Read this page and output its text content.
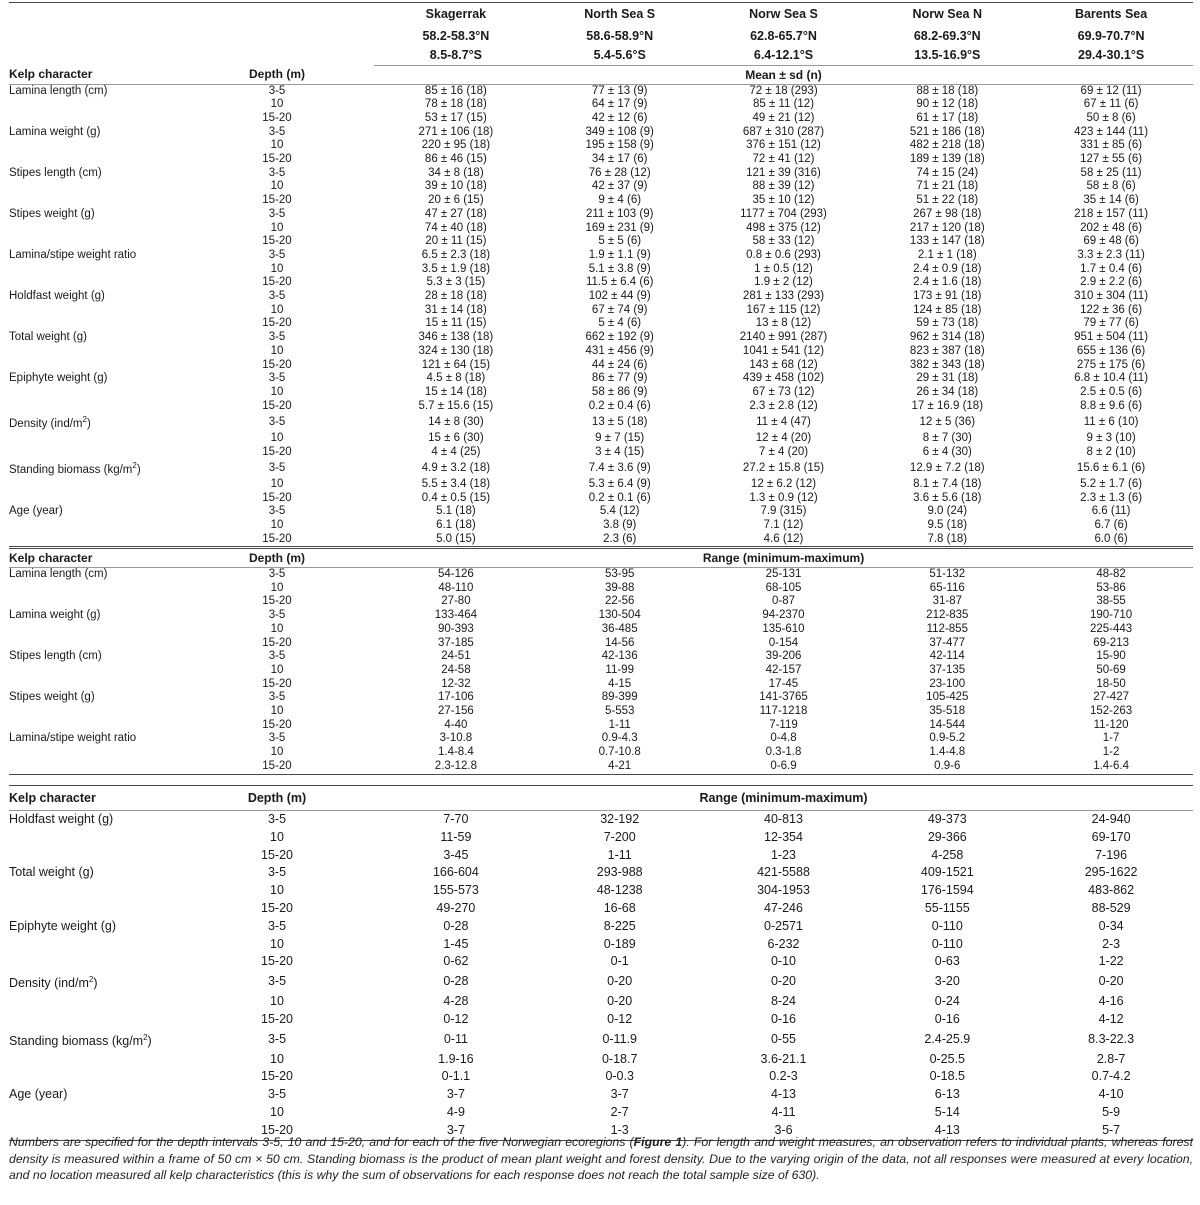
		Skagerrak	North Sea S	Norw Sea S	Norw Sea N	Barents Sea
		58.2-58.3°N	58.6-58.9°N	62.8-65.7°N	68.2-69.3°N	69.9-70.7°N
		8.5-8.7°S	5.4-5.6°S	6.4-12.1°S	13.5-16.9°S	29.4-30.1°S
Kelp character	Depth (m)	Mean ± sd (n)				
Lamina length (cm)	3-5	85 ± 16 (18)	77 ± 13 (9)	72 ± 18 (293)	88 ± 18 (18)	69 ± 12 (11)
	10	78 ± 18 (18)	64 ± 17 (9)	85 ± 11 (12)	90 ± 12 (18)	67 ± 11 (6)
	15-20	53 ± 17 (15)	42 ± 12 (6)	49 ± 21 (12)	61 ± 17 (18)	50 ± 8 (6)
Lamina weight (g)	3-5	271 ± 106 (18)	349 ± 108 (9)	687 ± 310 (287)	521 ± 186 (18)	423 ± 144 (11)
	10	220 ± 95 (18)	195 ± 158 (9)	376 ± 151 (12)	482 ± 218 (18)	331 ± 85 (6)
	15-20	86 ± 46 (15)	34 ± 17 (6)	72 ± 41 (12)	189 ± 139 (18)	127 ± 55 (6)
Stipes length (cm)	3-5	34 ± 8 (18)	76 ± 28 (12)	121 ± 39 (316)	74 ± 15 (24)	58 ± 25 (11)
	10	39 ± 10 (18)	42 ± 37 (9)	88 ± 39 (12)	71 ± 21 (18)	58 ± 8 (6)
	15-20	20 ± 6 (15)	9 ± 4 (6)	35 ± 10 (12)	51 ± 22 (18)	35 ± 14 (6)
Stipes weight (g)	3-5	47 ± 27 (18)	211 ± 103 (9)	1177 ± 704 (293)	267 ± 98 (18)	218 ± 157 (11)
	10	74 ± 40 (18)	169 ± 231 (9)	498 ± 375 (12)	217 ± 120 (18)	202 ± 48 (6)
	15-20	20 ± 11 (15)	5 ± 5 (6)	58 ± 33 (12)	133 ± 147 (18)	69 ± 48 (6)
Lamina/stipe weight ratio	3-5	6.5 ± 2.3 (18)	1.9 ± 1.1 (9)	0.8 ± 0.6 (293)	2.1 ± 1 (18)	3.3 ± 2.3 (11)
	10	3.5 ± 1.9 (18)	5.1 ± 3.8 (9)	1 ± 0.5 (12)	2.4 ± 0.9 (18)	1.7 ± 0.4 (6)
	15-20	5.3 ± 3 (15)	11.5 ± 6.4 (6)	1.9 ± 2 (12)	2.4 ± 1.6 (18)	2.9 ± 2.2 (6)
Holdfast weight (g)	3-5	28 ± 18 (18)	102 ± 44 (9)	281 ± 133 (293)	173 ± 91 (18)	310 ± 304 (11)
	10	31 ± 14 (18)	67 ± 74 (9)	167 ± 115 (12)	124 ± 85 (18)	122 ± 36 (6)
	15-20	15 ± 11 (15)	5 ± 4 (6)	13 ± 8 (12)	59 ± 73 (18)	79 ± 77 (6)
Total weight (g)	3-5	346 ± 138 (18)	662 ± 192 (9)	2140 ± 991 (287)	962 ± 314 (18)	951 ± 504 (11)
	10	324 ± 130 (18)	431 ± 456 (9)	1041 ± 541 (12)	823 ± 387 (18)	655 ± 136 (6)
	15-20	121 ± 64 (15)	44 ± 24 (6)	143 ± 68 (12)	382 ± 343 (18)	275 ± 175 (6)
Epiphyte weight (g)	3-5	4.5 ± 8 (18)	86 ± 77 (9)	439 ± 458 (102)	29 ± 31 (18)	6.8 ± 10.4 (11)
	10	15 ± 14 (18)	58 ± 86 (9)	67 ± 73 (12)	26 ± 34 (18)	2.5 ± 0.5 (6)
	15-20	5.7 ± 15.6 (15)	0.2 ± 0.4 (6)	2.3 ± 2.8 (12)	17 ± 16.9 (18)	8.8 ± 9.6 (6)
Density $(ind/m^2)$	3-5	14 ± 8 (30)	13 ± 5 (18)	11 ± 4 (47)	12 ± 5 (36)	11 ± 6 (10)
	10	15 ± 6 (30)	9 ± 7 (15)	12 ± 4 (20)	8 ± 7 (30)	9 ± 3 (10)
	15-20	4 ± 4 (25)	3 ± 4 (15)	7 ± 4 (20)	6 ± 4 (30)	8 ± 2 (10)
Standing biomass $(kg/m^2)$	3-5	4.9 ± 3.2 (18)	7.4 ± 3.6 (9)	27.2 ± 15.8 (15)	12.9 ± 7.2 (18)	15.6 ± 6.1 (6)
	10	5.5 ± 3.4 (18)	5.3 ± 6.4 (9)	12 ± 6.2 (12)	8.1 ± 7.4 (18)	5.2 ± 1.7 (6)
	15-20	0.4 ± 0.5 (15)	0.2 ± 0.1 (6)	1.3 ± 0.9 (12)	3.6 ± 5.6 (18)	2.3 ± 1.3 (6)
Age (year)	3-5	5.1 (18)	5.4 (12)	7.9 (315)	9.0 (24)	6.6 (11)
	10	6.1 (18)	3.8 (9)	7.1 (12)	9.5 (18)	6.7 (6)
	15-20	5.0 (15)	2.3 (6)	4.6 (12)	7.8 (18)	6.0 (6)
Kelp character	Depth (m)	Range (minimum-maximum)				
Lamina length (cm)	3-5	54-126	53-95	25-131	51-132	48-82
	10	48-110	39-88	68-105	65-116	53-86
	15-20	27-80	22-56	0-87	31-87	38-55
Lamina weight (g)	3-5	133-464	130-504	94-2370	212-835	190-710
	10	90-393	36-485	135-610	112-855	225-443
	15-20	37-185	14-56	0-154	37-477	69-213
Stipes length (cm)	3-5	24-51	42-136	39-206	42-114	15-90
	10	24-58	11-99	42-157	37-135	50-69
	15-20	12-32	4-15	17-45	23-100	18-50
Stipes weight (g)	3-5	17-106	89-399	141-3765	105-425	27-427
	10	27-156	5-553	117-1218	35-518	152-263
	15-20	4-40	1-11	7-119	14-544	11-120
Lamina/stipe weight ratio	3-5	3-10.8	0.9-4.3	0-4.8	0.9-5.2	1-7
	10	1.4-8.4	0.7-10.8	0.3-1.8	1.4-4.8	1-2
	15-20	2.3-12.8	4-21	0-6.9	0.9-6	1.4-6.4
Kelp character	Depth (m)	Range (minimum-maximum)				
Holdfast weight (g)	3-5	7-70	32-192	40-813	49-373	24-940
	10	11-59	7-200	12-354	29-366	69-170
	15-20	3-45	1-11	1-23	4-258	7-196
Total weight (g)	3-5	166-604	293-988	421-5588	409-1521	295-1622
	10	155-573	48-1238	304-1953	176-1594	483-862
	15-20	49-270	16-68	47-246	55-1155	88-529
Epiphyte weight (g)	3-5	0-28	8-225	0-2571	0-110	0-34
	10	1-45	0-189	6-232	0-110	2-3
	15-20	0-62	0-1	0-10	0-63	1-22
Density $(ind/m^2)$	3-5	0-28	0-20	0-20	3-20	0-20
	10	4-28	0-20	8-24	0-24	4-16
	15-20	0-12	0-12	0-16	0-16	4-12
Standing biomass $(kg/m^2)$	3-5	0-11	0-11.9	0-55	2.4-25.9	8.3-22.3
	10	1.9-16	0-18.7	3.6-21.1	0-25.5	2.8-7
	15-20	0-1.1	0-0.3	0.2-3	0-18.5	0.7-4.2
Age (year)	3-5	3-7	3-7	4-13	6-13	4-10
	10	4-9	2-7	4-11	5-14	5-9
	15-20	3-7	1-3	3-6	4-13	5-7
Numbers are specified for the depth intervals 3-5, 10 and 15-20, and for each of the five Norwegian ecoregions (Figure 1). For length and weight measures, an observation refers to individual plants, whereas forest density is measured within a frame of 50 cm × 50 cm. Standing biomass is the product of mean plant weight and forest density. Due to the varying origin of the data, not all responses were measured at every location, and no location measured all kelp characteristics (this is why the sum of observations for each response does not reach the total sample size of 630).
